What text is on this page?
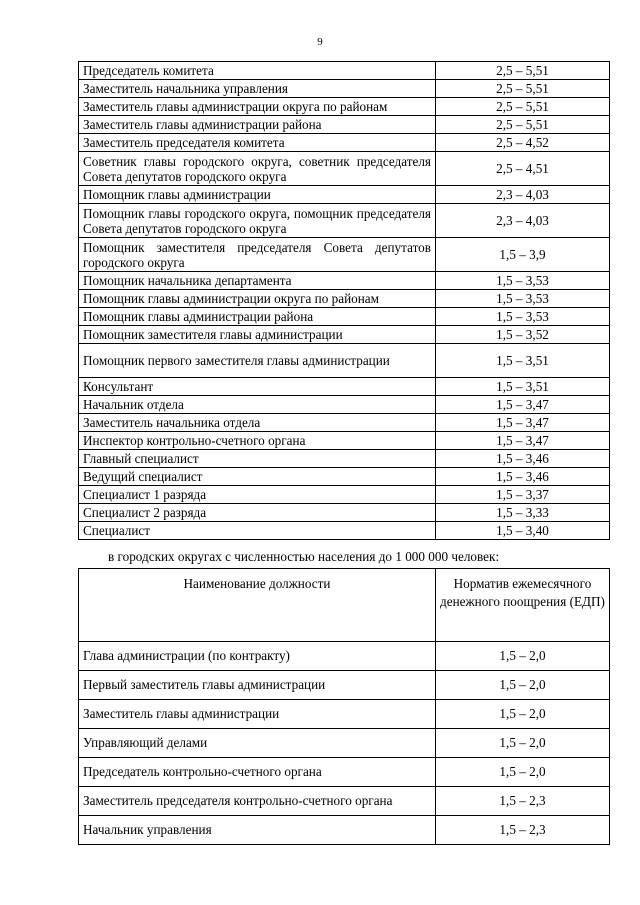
9
Председатель комитета	2,5 – 5,51
Заместитель начальника управления	2,5 – 5,51
Заместитель главы администрации округа по районам	2,5 – 5,51
Заместитель главы администрации района	2,5 – 5,51
Заместитель председателя комитета	2,5 – 4,52
Советник главы городского округа, советник председателя Совета депутатов городского округа	2,5 – 4,51
Помощник главы администрации	2,3 – 4,03
Помощник главы городского округа, помощник председателя Совета депутатов городского округа	2,3 – 4,03
Помощник заместителя председателя Совета депутатов городского округа	1,5 – 3,9
Помощник начальника департамента	1,5 – 3,53
Помощник главы администрации округа по районам	1,5 – 3,53
Помощник главы администрации района	1,5 – 3,53
Помощник заместителя главы администрации	1,5 – 3,52
Помощник первого заместителя главы администрации	1,5 – 3,51
Консультант	1,5 – 3,51
Начальник отдела	1,5 – 3,47
Заместитель начальника отдела	1,5 – 3,47
Инспектор контрольно-счетного органа	1,5 – 3,47
Главный специалист	1,5 – 3,46
Ведущий специалист	1,5 – 3,46
Специалист 1 разряда	1,5 – 3,37
Специалист 2 разряда	1,5 – 3,33
Специалист	1,5 – 3,40
в городских округах с численностью населения до 1 000 000 человек:
Наименование должности	Норматив ежемесячного денежного поощрения (ЕДП)
Глава администрации (по контракту)	1,5 – 2,0
Первый заместитель главы администрации	1,5 – 2,0
Заместитель главы администрации	1,5 – 2,0
Управляющий делами	1,5 – 2,0
Председатель контрольно-счетного органа	1,5 – 2,0
Заместитель председателя контрольно-счетного органа	1,5 – 2,3
Начальник управления	1,5 – 2,3
